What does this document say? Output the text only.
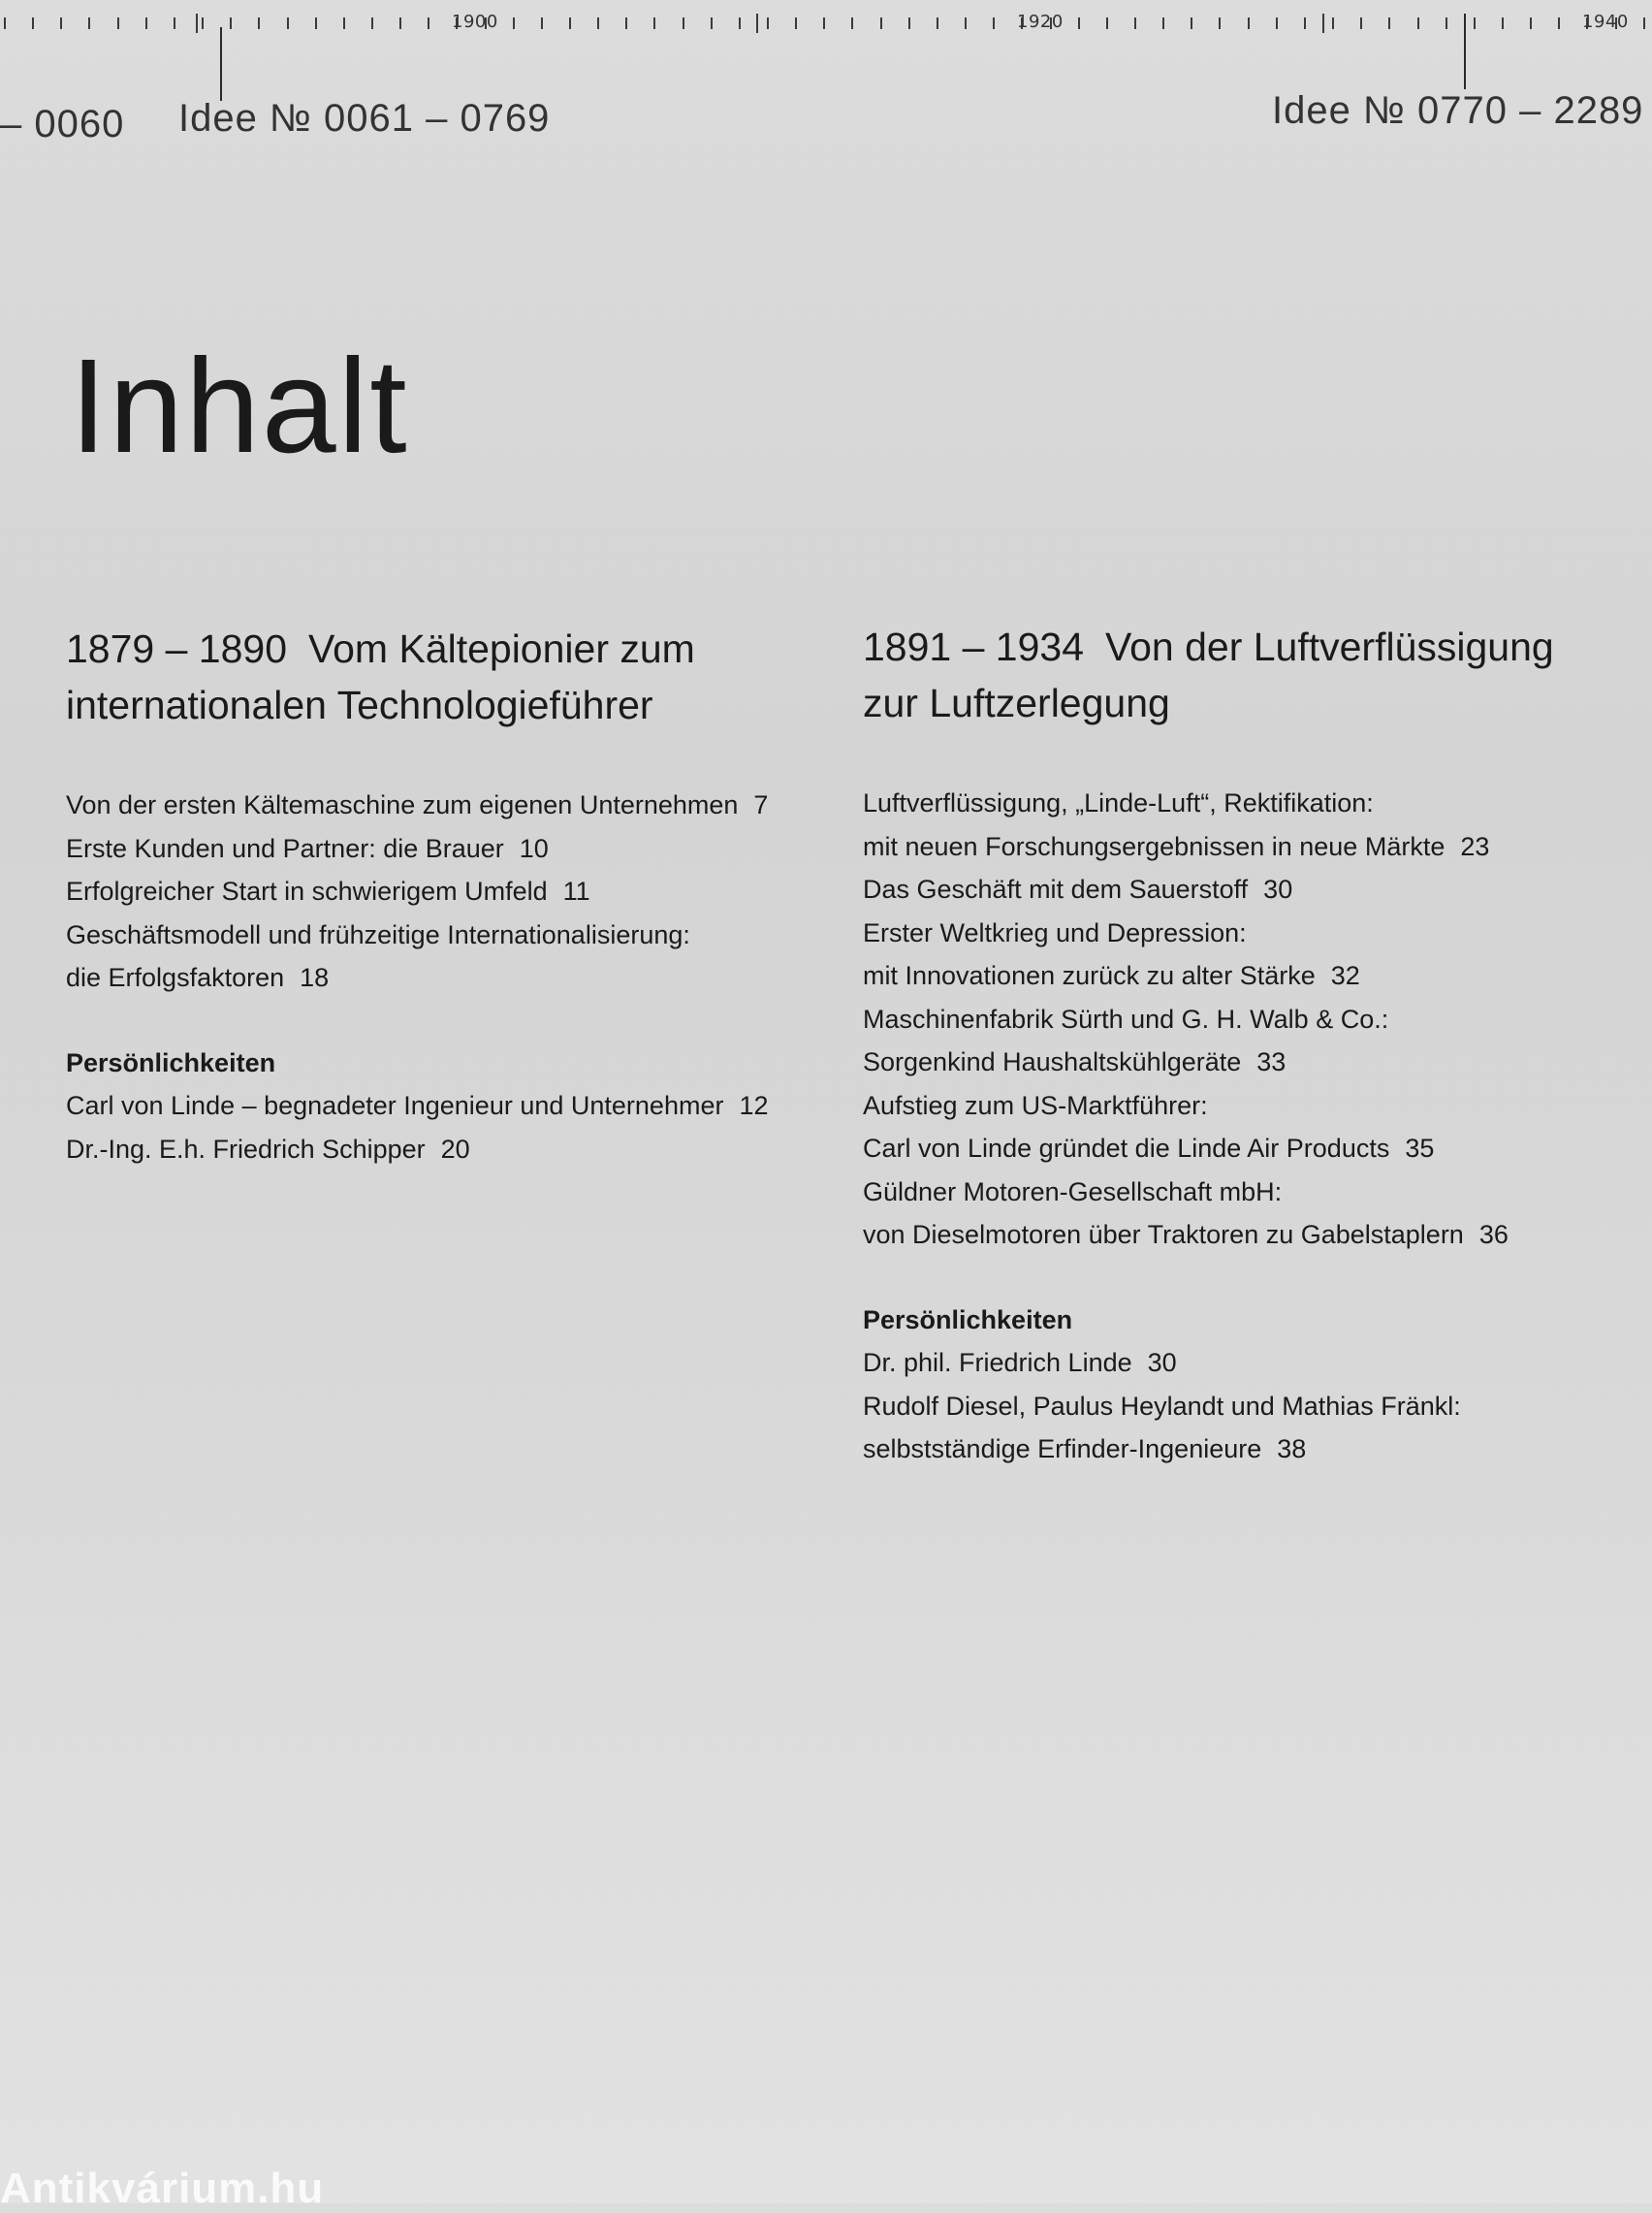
1900	1920	1940
– 0060 Idee № 0061 – 0769	Idee № 0770 – 2289
Inhalt
1879 – 1890 Vom Kältepionier zum
internationalen Technologieführer
Von der ersten Kältemaschine zum eigenen Unternehmen 7
Erste Kunden und Partner: die Brauer 10
Erfolgreicher Start in schwierigem Umfeld 11
Geschäftsmodell und frühzeitige Internationalisierung:
die Erfolgsfaktoren 18
Persönlichkeiten
Carl von Linde – begnadeter Ingenieur und Unternehmer 12
Dr.-Ing. E.h. Friedrich Schipper 20
1891 – 1934 Von der Luftverflüssigung
zur Luftzerlegung
Luftverflüssigung, „Linde-Luft“, Rektifikation:
mit neuen Forschungsergebnissen in neue Märkte 23
Das Geschäft mit dem Sauerstoff 30
Erster Weltkrieg und Depression:
mit Innovationen zurück zu alter Stärke 32
Maschinenfabrik Sürth und G. H. Walb & Co.:
Sorgenkind Haushaltskühlgeräte 33
Aufstieg zum US-Marktführer:
Carl von Linde gründet die Linde Air Products 35
Güldner Motoren-Gesellschaft mbH:
von Dieselmotoren über Traktoren zu Gabelstaplern 36
Persönlichkeiten
Dr. phil. Friedrich Linde 30
Rudolf Diesel, Paulus Heylandt und Mathias Fränkl:
selbstständige Erfinder-Ingenieure 38
Antikvárium.hu
